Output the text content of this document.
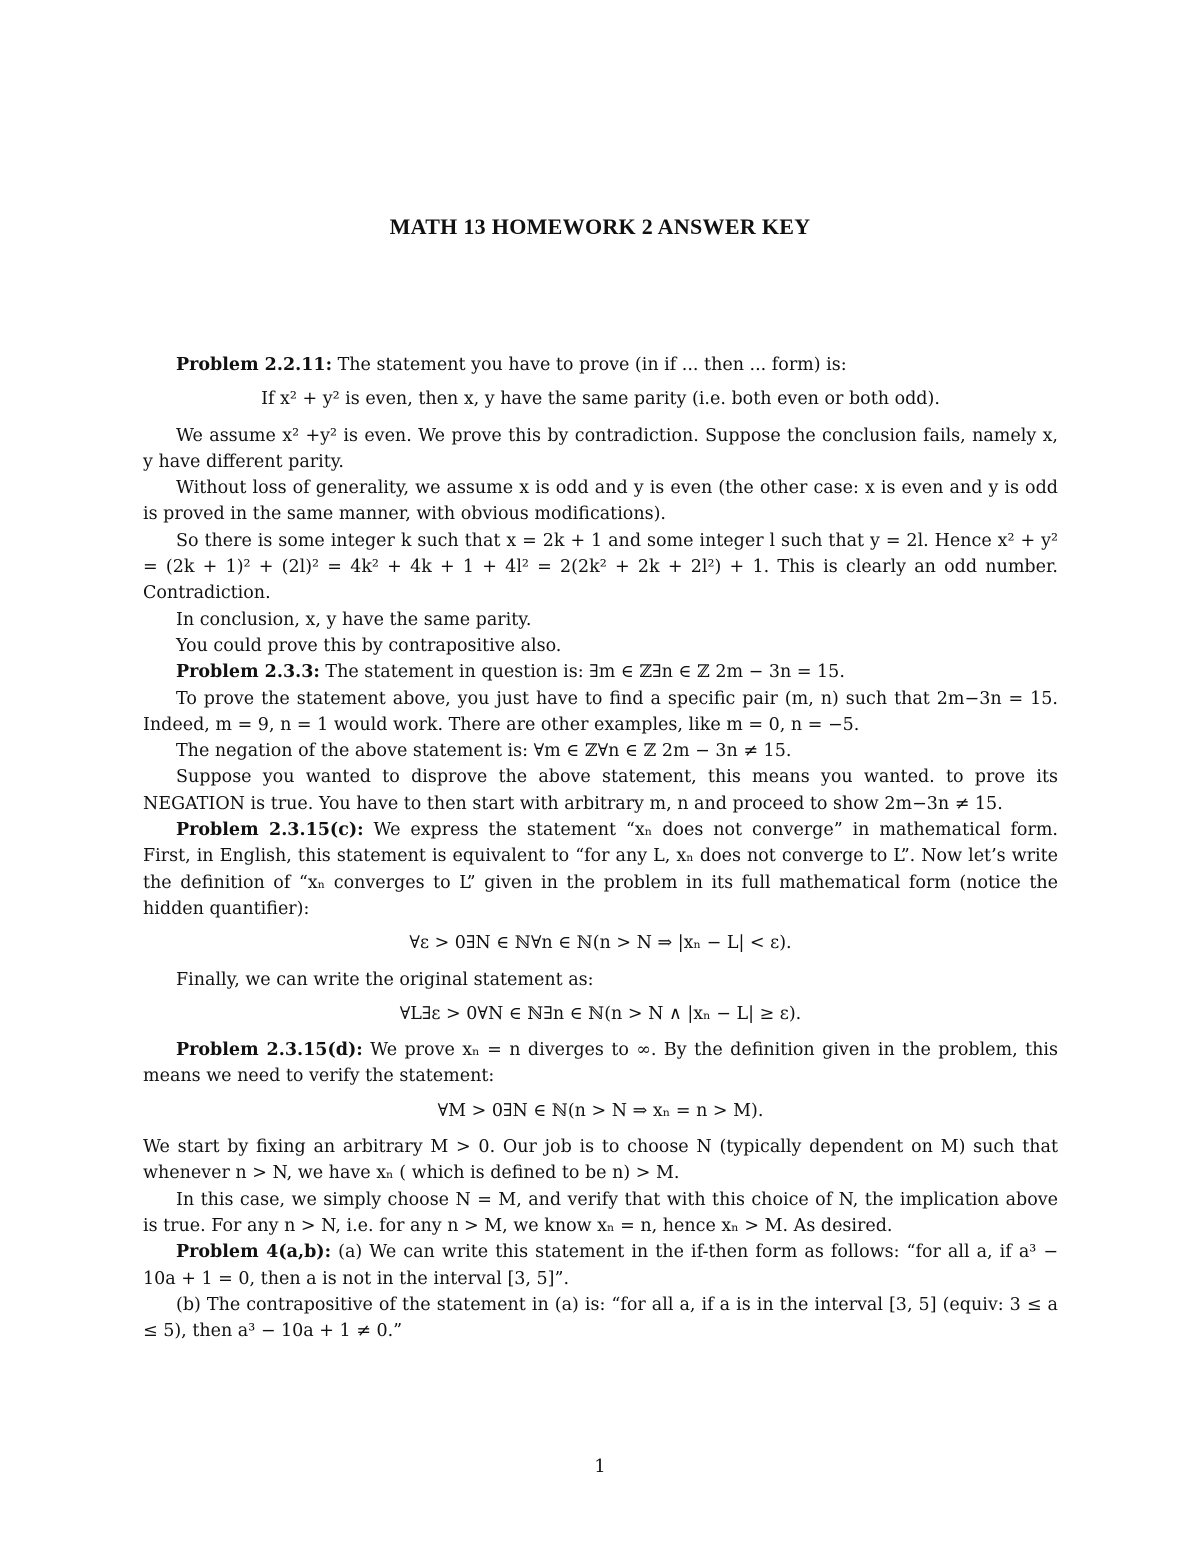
MATH 13 HOMEWORK 2 ANSWER KEY

Problem 2.2.11: The statement you have to prove (in if ... then ... form) is:

If x² + y² is even, then x, y have the same parity (i.e. both even or both odd).

We assume x² +y² is even. We prove this by contradiction. Suppose the conclusion fails, namely x, y have different parity.

Without loss of generality, we assume x is odd and y is even (the other case: x is even and y is odd is proved in the same manner, with obvious modifications).

So there is some integer k such that x = 2k + 1 and some integer l such that y = 2l. Hence x² + y² = (2k + 1)² + (2l)² = 4k² + 4k + 1 + 4l² = 2(2k² + 2k + 2l²) + 1. This is clearly an odd number. Contradiction.

In conclusion, x, y have the same parity.

You could prove this by contrapositive also.

Problem 2.3.3: The statement in question is: ∃m ∈ ℤ∃n ∈ ℤ 2m − 3n = 15.

To prove the statement above, you just have to find a specific pair (m, n) such that 2m−3n = 15. Indeed, m = 9, n = 1 would work. There are other examples, like m = 0, n = −5.

The negation of the above statement is: ∀m ∈ ℤ∀n ∈ ℤ 2m − 3n ≠ 15.

Suppose you wanted to disprove the above statement, this means you wanted. to prove its NEGATION is true. You have to then start with arbitrary m, n and proceed to show 2m−3n ≠ 15.

Problem 2.3.15(c): We express the statement “xₙ does not converge” in mathematical form. First, in English, this statement is equivalent to “for any L, xₙ does not converge to L”. Now let’s write the definition of “xₙ converges to L” given in the problem in its full mathematical form (notice the hidden quantifier):

∀ε > 0∃N ∈ ℕ∀n ∈ ℕ(n > N ⇒ |xₙ − L| < ε).

Finally, we can write the original statement as:

∀L∃ε > 0∀N ∈ ℕ∃n ∈ ℕ(n > N ∧ |xₙ − L| ≥ ε).

Problem 2.3.15(d): We prove xₙ = n diverges to ∞. By the definition given in the problem, this means we need to verify the statement:

∀M > 0∃N ∈ ℕ(n > N ⇒ xₙ = n > M).

We start by fixing an arbitrary M > 0. Our job is to choose N (typically dependent on M) such that whenever n > N, we have xₙ ( which is defined to be n) > M.

In this case, we simply choose N = M, and verify that with this choice of N, the implication above is true. For any n > N, i.e. for any n > M, we know xₙ = n, hence xₙ > M. As desired.

Problem 4(a,b): (a) We can write this statement in the if-then form as follows: “for all a, if a³ − 10a + 1 = 0, then a is not in the interval [3, 5]”.

(b) The contrapositive of the statement in (a) is: “for all a, if a is in the interval [3, 5] (equiv: 3 ≤ a ≤ 5), then a³ − 10a + 1 ≠ 0.”

1
